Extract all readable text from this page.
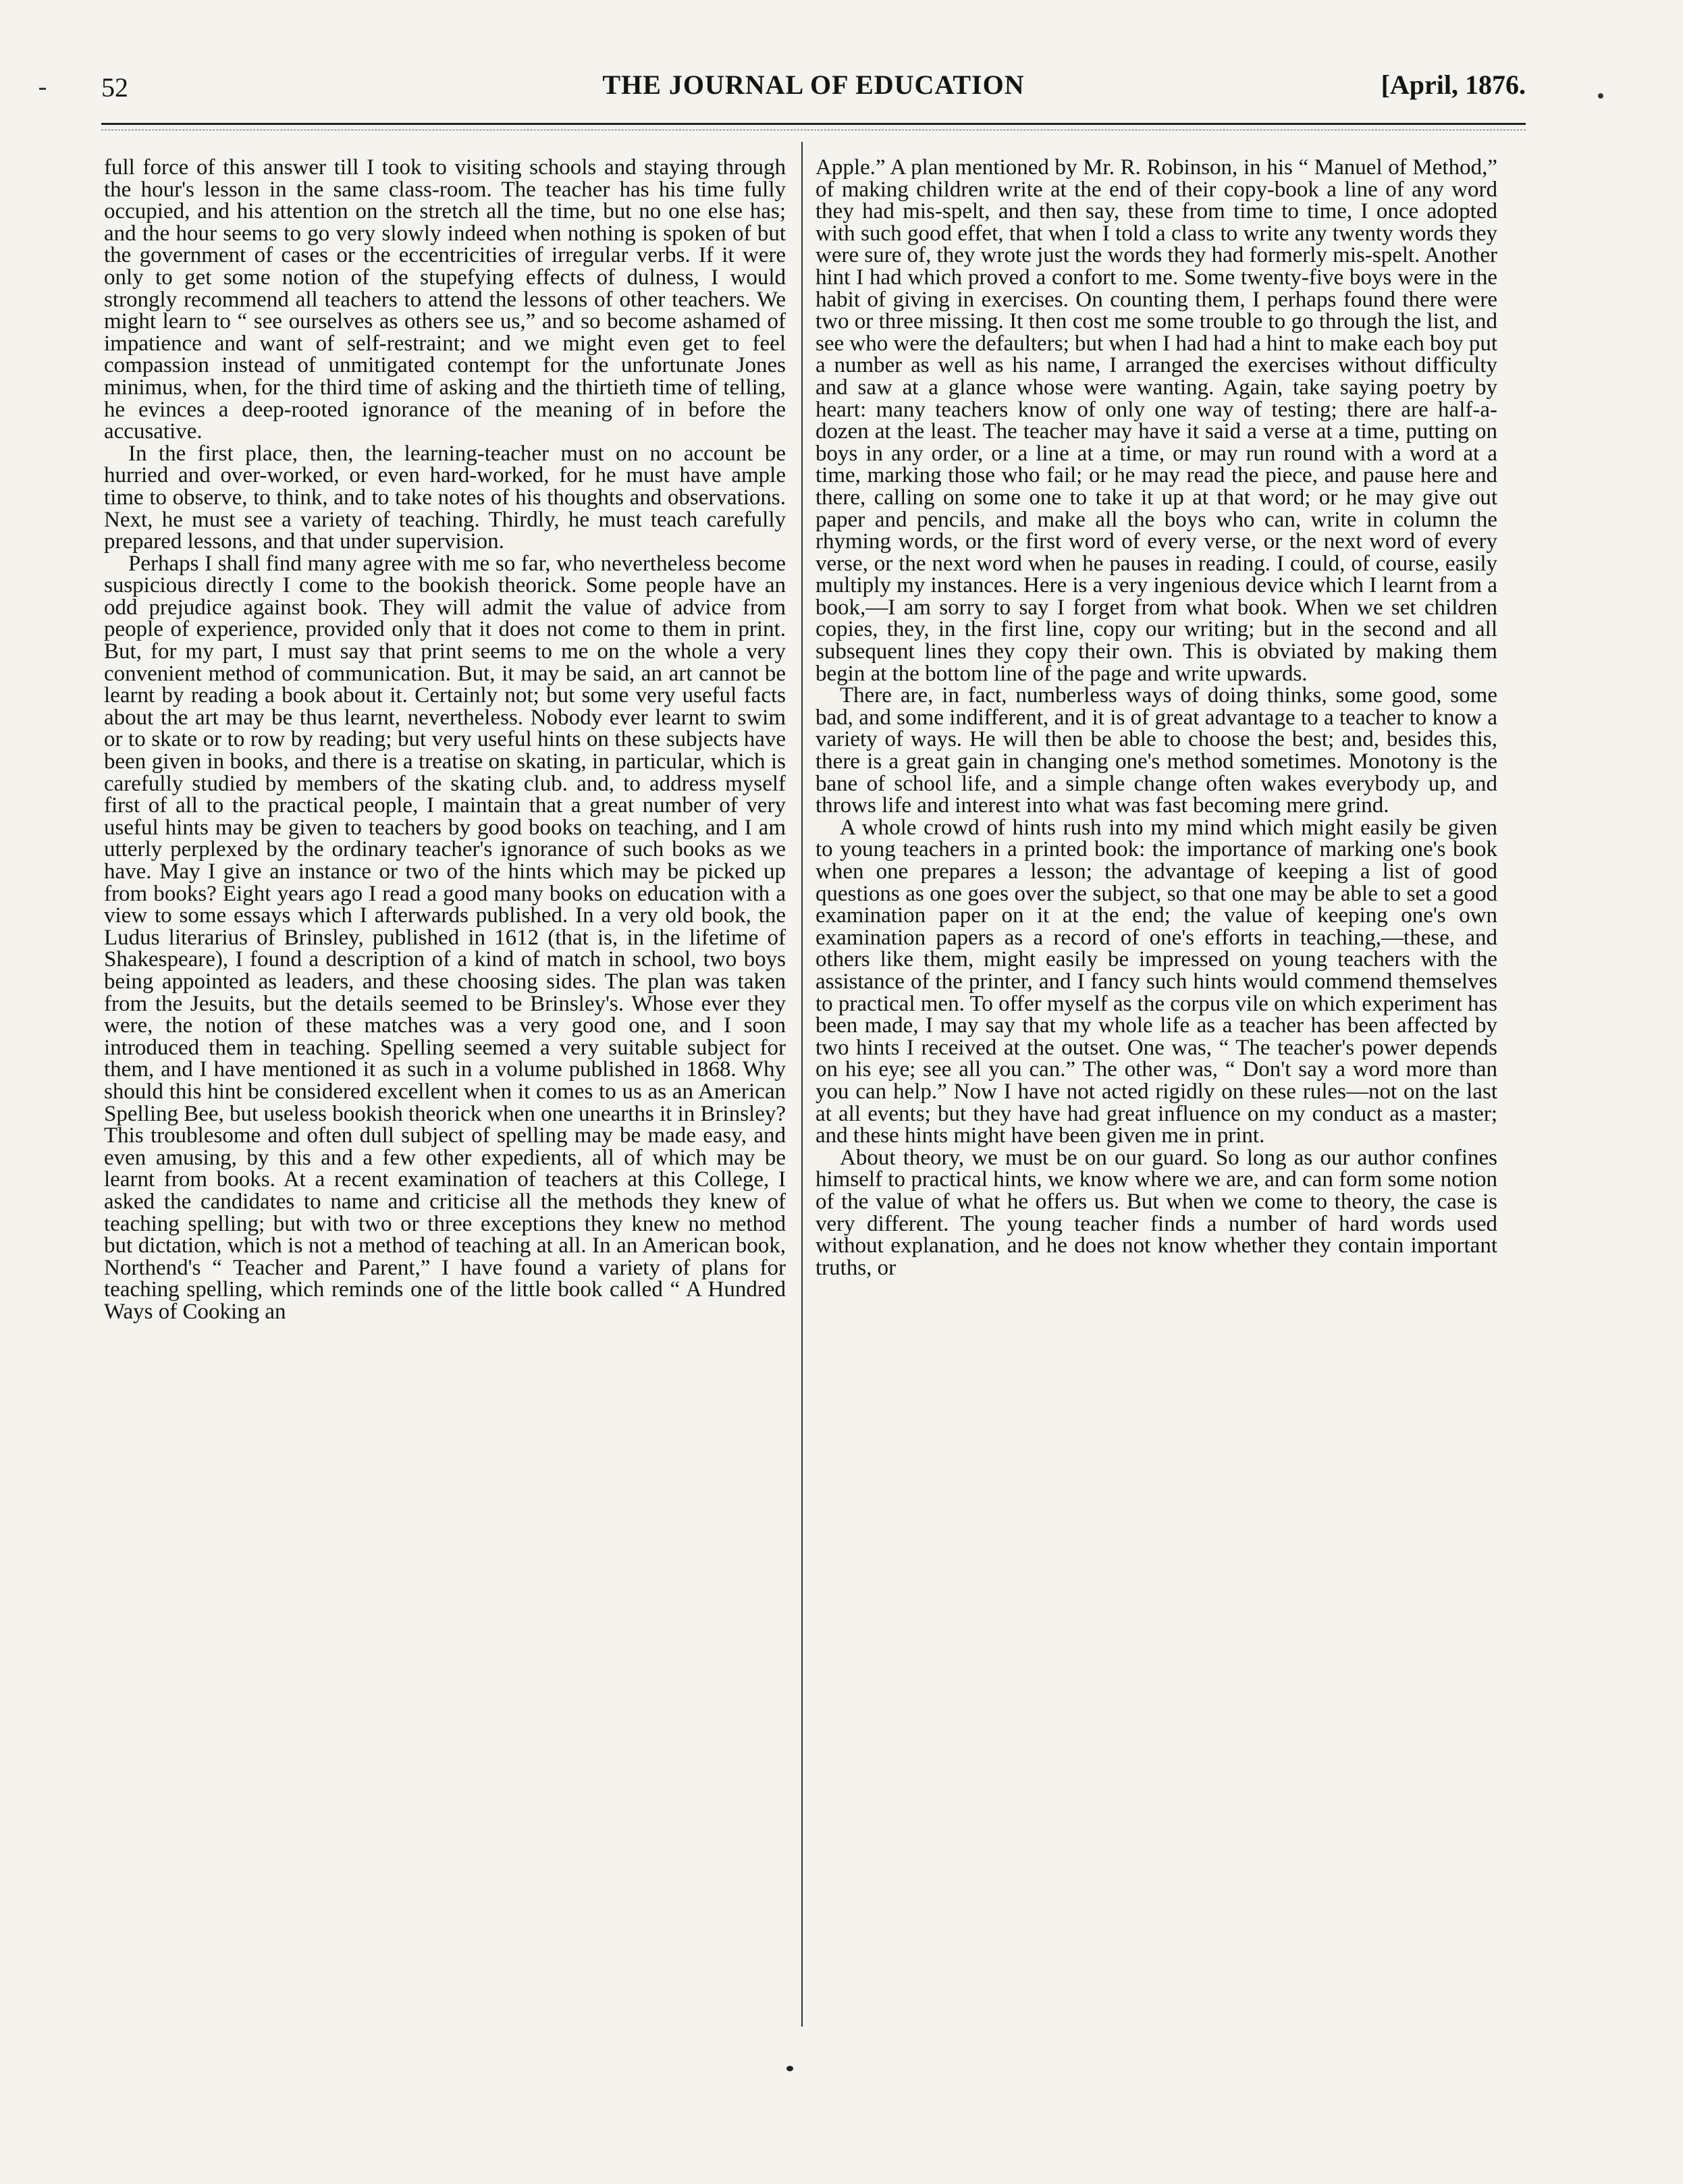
52	THE JOURNAL OF EDUCATION	[April, 1876.

full force of this answer till I took to visiting schools and staying through the hour's lesson in the same class-room. The teacher has his time fully occupied, and his attention on the stretch all the time, but no one else has; and the hour seems to go very slowly indeed when nothing is spoken of but the government of cases or the eccentricities of irregular verbs. If it were only to get some notion of the stupefying effects of dulness, I would strongly recommend all teachers to attend the lessons of other teachers. We might learn to “ see ourselves as others see us,” and so become ashamed of impatience and want of self-restraint; and we might even get to feel compassion instead of unmitigated contempt for the unfortunate Jones minimus, when, for the third time of asking and the thirtieth time of telling, he evinces a deep-rooted ignorance of the meaning of in before the accusative.

In the first place, then, the learning-teacher must on no account be hurried and over-worked, or even hard-worked, for he must have ample time to observe, to think, and to take notes of his thoughts and observations. Next, he must see a variety of teaching. Thirdly, he must teach carefully prepared lessons, and that under supervision.

Perhaps I shall find many agree with me so far, who nevertheless become suspicious directly I come to the bookish theorick. Some people have an odd prejudice against book. They will admit the value of advice from people of experience, provided only that it does not come to them in print. But, for my part, I must say that print seems to me on the whole a very convenient method of communication. But, it may be said, an art cannot be learnt by reading a book about it. Certainly not; but some very useful facts about the art may be thus learnt, nevertheless. Nobody ever learnt to swim or to skate or to row by reading; but very useful hints on these subjects have been given in books, and there is a treatise on skating, in particular, which is carefully studied by members of the skating club. and, to address myself first of all to the practical people, I maintain that a great number of very useful hints may be given to teachers by good books on teaching, and I am utterly perplexed by the ordinary teacher's ignorance of such books as we have. May I give an instance or two of the hints which may be picked up from books? Eight years ago I read a good many books on education with a view to some essays which I afterwards published. In a very old book, the Ludus literarius of Brinsley, published in 1612 (that is, in the lifetime of Shakespeare), I found a description of a kind of match in school, two boys being appointed as leaders, and these choosing sides. The plan was taken from the Jesuits, but the details seemed to be Brinsley's. Whose ever they were, the notion of these matches was a very good one, and I soon introduced them in teaching. Spelling seemed a very suitable subject for them, and I have mentioned it as such in a volume published in 1868. Why should this hint be considered excellent when it comes to us as an American Spelling Bee, but useless bookish theorick when one unearths it in Brinsley? This troublesome and often dull subject of spelling may be made easy, and even amusing, by this and a few other expedients, all of which may be learnt from books. At a recent examination of teachers at this College, I asked the candidates to name and criticise all the methods they knew of teaching spelling; but with two or three exceptions they knew no method but dictation, which is not a method of teaching at all. In an American book, Northend's “ Teacher and Parent,” I have found a variety of plans for teaching spelling, which reminds one of the little book called “ A Hundred Ways of Cooking an

Apple.” A plan mentioned by Mr. R. Robinson, in his “ Manuel of Method,” of making children write at the end of their copy-book a line of any word they had mis-spelt, and then say, these from time to time, I once adopted with such good effet, that when I told a class to write any twenty words they were sure of, they wrote just the words they had formerly mis-spelt. Another hint I had which proved a confort to me. Some twenty-five boys were in the habit of giving in exercises. On counting them, I perhaps found there were two or three missing. It then cost me some trouble to go through the list, and see who were the defaulters; but when I had had a hint to make each boy put a number as well as his name, I arranged the exercises without difficulty and saw at a glance whose were wanting. Again, take saying poetry by heart: many teachers know of only one way of testing; there are half-a-dozen at the least. The teacher may have it said a verse at a time, putting on boys in any order, or a line at a time, or may run round with a word at a time, marking those who fail; or he may read the piece, and pause here and there, calling on some one to take it up at that word; or he may give out paper and pencils, and make all the boys who can, write in column the rhyming words, or the first word of every verse, or the next word of every verse, or the next word when he pauses in reading. I could, of course, easily multiply my instances. Here is a very ingenious device which I learnt from a book,—I am sorry to say I forget from what book. When we set children copies, they, in the first line, copy our writing; but in the second and all subsequent lines they copy their own. This is obviated by making them begin at the bottom line of the page and write upwards.

There are, in fact, numberless ways of doing thinks, some good, some bad, and some indifferent, and it is of great advantage to a teacher to know a variety of ways. He will then be able to choose the best; and, besides this, there is a great gain in changing one's method sometimes. Monotony is the bane of school life, and a simple change often wakes everybody up, and throws life and interest into what was fast becoming mere grind.

A whole crowd of hints rush into my mind which might easily be given to young teachers in a printed book: the importance of marking one's book when one prepares a lesson; the advantage of keeping a list of good questions as one goes over the subject, so that one may be able to set a good examination paper on it at the end; the value of keeping one's own examination papers as a record of one's efforts in teaching,—these, and others like them, might easily be impressed on young teachers with the assistance of the printer, and I fancy such hints would commend themselves to practical men. To offer myself as the corpus vile on which experiment has been made, I may say that my whole life as a teacher has been affected by two hints I received at the outset. One was, “ The teacher's power depends on his eye; see all you can.” The other was, “ Don't say a word more than you can help.” Now I have not acted rigidly on these rules—not on the last at all events; but they have had great influence on my conduct as a master; and these hints might have been given me in print.

About theory, we must be on our guard. So long as our author confines himself to practical hints, we know where we are, and can form some notion of the value of what he offers us. But when we come to theory, the case is very different. The young teacher finds a number of hard words used without explanation, and he does not know whether they contain important truths, or
